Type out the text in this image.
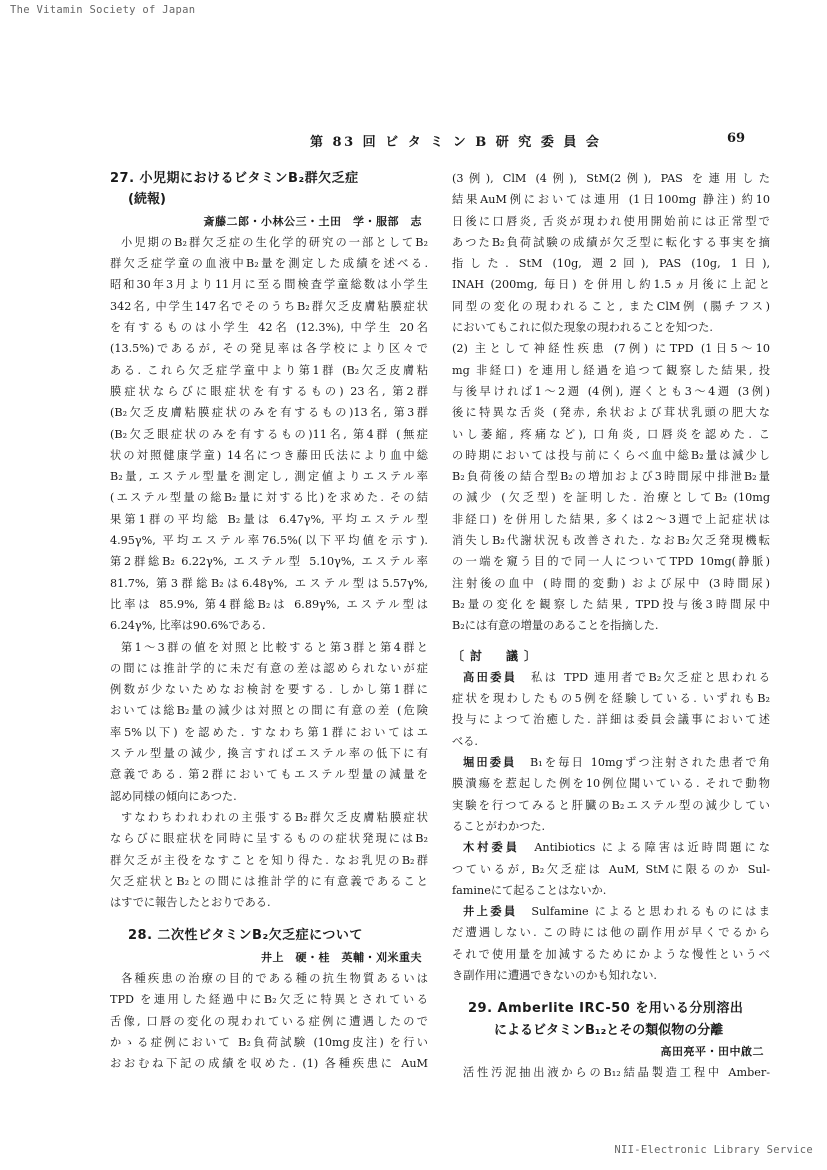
The Vitamin Society of Japan
第 83 回 ビ タ ミ ン B 研 究 委 員 会	69
27. 小児期におけるビタミンB₂群欠乏症
(続報)
斎藤二郎・小林公三・土田　学・服部　志
小児期のB₂群欠乏症の生化学的研究の一部としてB₂
群欠乏症学童の血液中B₂量を測定した成績を述べる.
昭和30年3月より11月に至る間検査学童総数は小学生
342名, 中学生147名でそのうちB₂群欠乏皮膚粘膜症状
を有するものは小学生 42名 (12.3%), 中学生 20名
(13.5%)であるが, その発見率は各学校により区々で
ある. これら欠乏症学童中より第1群 (B₂欠乏皮膚粘
膜症状ならびに眼症状を有するもの) 23名, 第2群
(B₂欠乏皮膚粘膜症状のみを有するもの)13名, 第3群
(B₂欠乏眼症状のみを有するもの)11名, 第4群 (無症
状の対照健康学童) 14名につき藤田氏法により血中総
B₂量, エステル型量を測定し, 測定値よりエステル率
(エステル型量の総B₂量に対する比)を求めた. その結
果第1群の平均総 B₂量は 6.47γ%, 平均エステル型
4.95γ%, 平均エステル率76.5%(以下平均値を示す).
第2群総B₂ 6.22γ%, エステル型 5.10γ%, エステル率
81.7%, 第3群総B₂は6.48γ%, エステル型は5.57γ%,
比率は 85.9%, 第4群総B₂は 6.89γ%, エステル型は
6.24γ%, 比率は90.6%である.
第1～3群の値を対照と比較すると第3群と第4群と
の間には推計学的に未だ有意の差は認められないが症
例数が少ないためなお検討を要する. しかし第1群に
おいては総B₂量の減少は対照との間に有意の差 (危険
率5%以下) を認めた. すなわち第1群においてはエ
ステル型量の減少, 換言すればエステル率の低下に有
意義である. 第2群においてもエステル型量の減量を
認め同様の傾向にあつた.
すなわちわれわれの主張するB₂群欠乏皮膚粘膜症状
ならびに眼症状を同時に呈するものの症状発現にはB₂
群欠乏が主役をなすことを知り得た. なお乳児のB₂群
欠乏症状とB₂との間には推計学的に有意義であること
はすでに報告したとおりである.
28. 二次性ビタミンB₂欠乏症について
井上　硬・桂　英輔・刈米重夫
各種疾患の治療の目的である種の抗生物質あるいは
TPD を連用した経過中にB₂欠乏に特異とされている
舌像, 口唇の変化の現われている症例に遭遇したので
かゝる症例において B₂負荷試験 (10mg皮注) を行い
おおむね下記の成績を収めた. (1) 各種疾患に AuM
(3例), ClM (4例), StM(2例), PAS を連用した
結果AuM例においては連用 (1日100mg 静注) 約10
日後に口唇炎, 舌炎が現われ使用開始前には正常型で
あつたB₂負荷試験の成績が欠乏型に転化する事実を摘
指した. StM (10g, 週2回), PAS (10g, 1日),
INAH (200mg, 毎日) を併用し約1.5ヵ月後に上記と
同型の変化の現われること, またClM例 (腸チフス)
においてもこれに似た現象の現われることを知つた.
(2) 主として神経性疾患 (7例) にTPD (1日5～10
mg 非経口) を連用し経過を追つて観察した結果, 投
与後早ければ1～2週 (4例), 遅くとも3～4週 (3例)
後に特異な舌炎 (発赤, 糸状および茸状乳頭の肥大な
いし萎縮, 疼痛など), 口角炎, 口唇炎を認めた. こ
の時期においては投与前にくらべ血中総B₂量は減少し
B₂負荷後の結合型B₂の増加および3時間尿中排泄B₂量
の減少 (欠乏型) を証明した. 治療としてB₂ (10mg
非経口) を併用した結果, 多くは2～3週で上記症状は
消失しB₂代謝状況も改善された. なおB₂欠乏発現機転
の一端を窺う目的で同一人についてTPD 10mg(静脈)
注射後の血中 (時間的変動) および尿中 (3時間尿)
B₂量の変化を観察した結果, TPD投与後3時間尿中
B₂には有意の増量のあることを指摘した.
〔討　議〕
高田委員　私は TPD 連用者でB₂欠乏症と思われる
症状を現わしたもの5例を経験している. いずれもB₂
投与によつて治癒した. 詳細は委員会議事において述
べる.
堀田委員　B₁を毎日 10mgずつ注射された患者で角
膜潰瘍を惹起した例を10例位聞いている. それで動物
実験を行つてみると肝臓のB₂エステル型の減少してい
ることがわかつた.
木村委員　Antibiotics による障害は近時問題にな
つているが, B₂欠乏症は AuM, StMに限るのか Sul-
famineにて起ることはないか.
井上委員　Sulfamine によると思われるものにはま
だ遭遇しない. この時には他の副作用が早くでるから
それで使用量を加減するためにかような慢性というべ
き副作用に遭遇できないのかも知れない.
29. Amberlite IRC-50 を用いる分別溶出
によるビタミンB₁₂とその類似物の分離
高田亮平・田中啟二
活性汚泥抽出液からのB₁₂結晶製造工程中 Amber-
NII-Electronic Library Service
